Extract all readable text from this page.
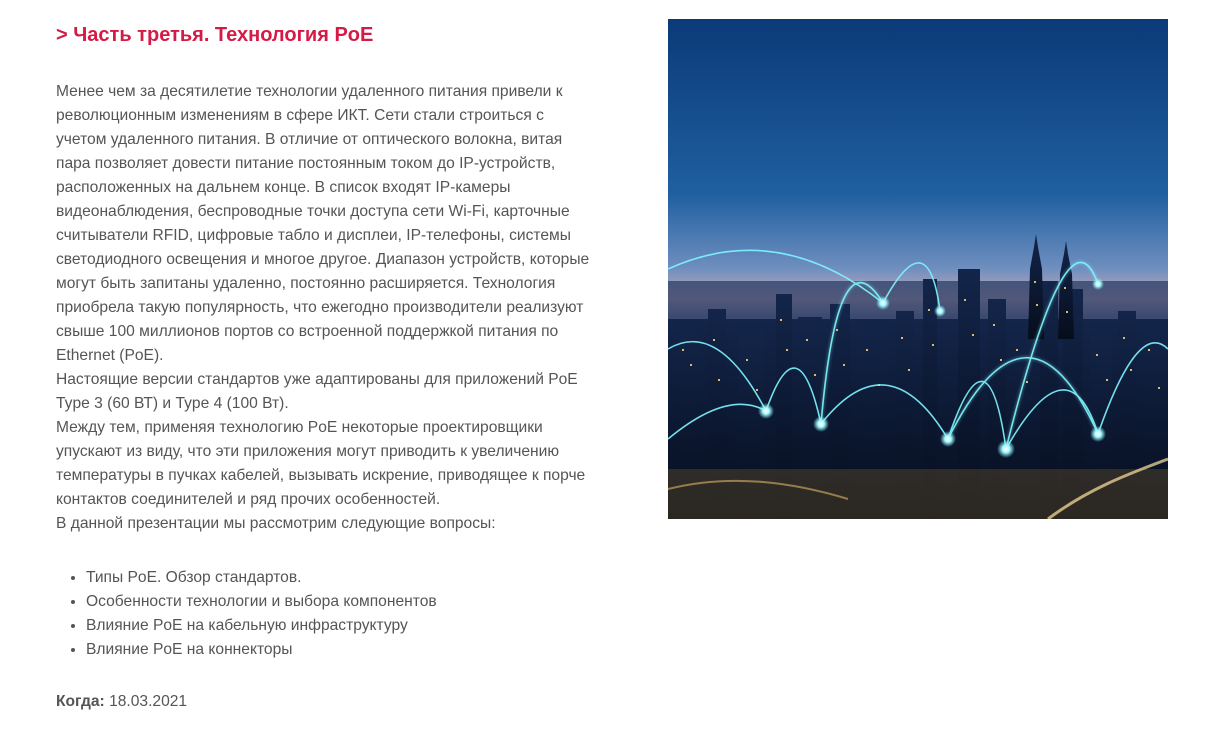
> Часть третья. Технология PoE

Менее чем за десятилетие технологии удаленного питания привели к
революционным изменениям в сфере ИКТ. Сети стали строиться с
учетом удаленного питания. В отличие от оптического волокна, витая
пара позволяет довести питание постоянным током до IP-устройств,
расположенных на дальнем конце. В список входят IP-камеры
видеонаблюдения, беспроводные точки доступа сети Wi-Fi, карточные
считыватели RFID, цифровые табло и дисплеи, IP-телефоны, системы
светодиодного освещения и многое другое. Диапазон устройств, которые
могут быть запитаны удаленно, постоянно расширяется. Технология
приобрела такую популярность, что ежегодно производители реализуют
свыше 100 миллионов портов со встроенной поддержкой питания по
Ethernet (PoE).
Настоящие версии стандартов уже адаптированы для приложений PoE
Type 3 (60 ВТ) и Type 4 (100 Вт).
Между тем, применяя технологию PoE некоторые проектировщики
упускают из виду, что эти приложения могут приводить к увеличению
температуры в пучках кабелей, вызывать искрение, приводящее к порче
контактов соединителей и ряд прочих особенностей.
В данной презентации мы рассмотрим следующие вопросы:

• Типы PoE. Обзор стандартов.
• Особенности технологии и выбора компонентов
• Влияние PoE на кабельную инфраструктуру
• Влияние PoE на коннекторы

Когда: 18.03.2021
